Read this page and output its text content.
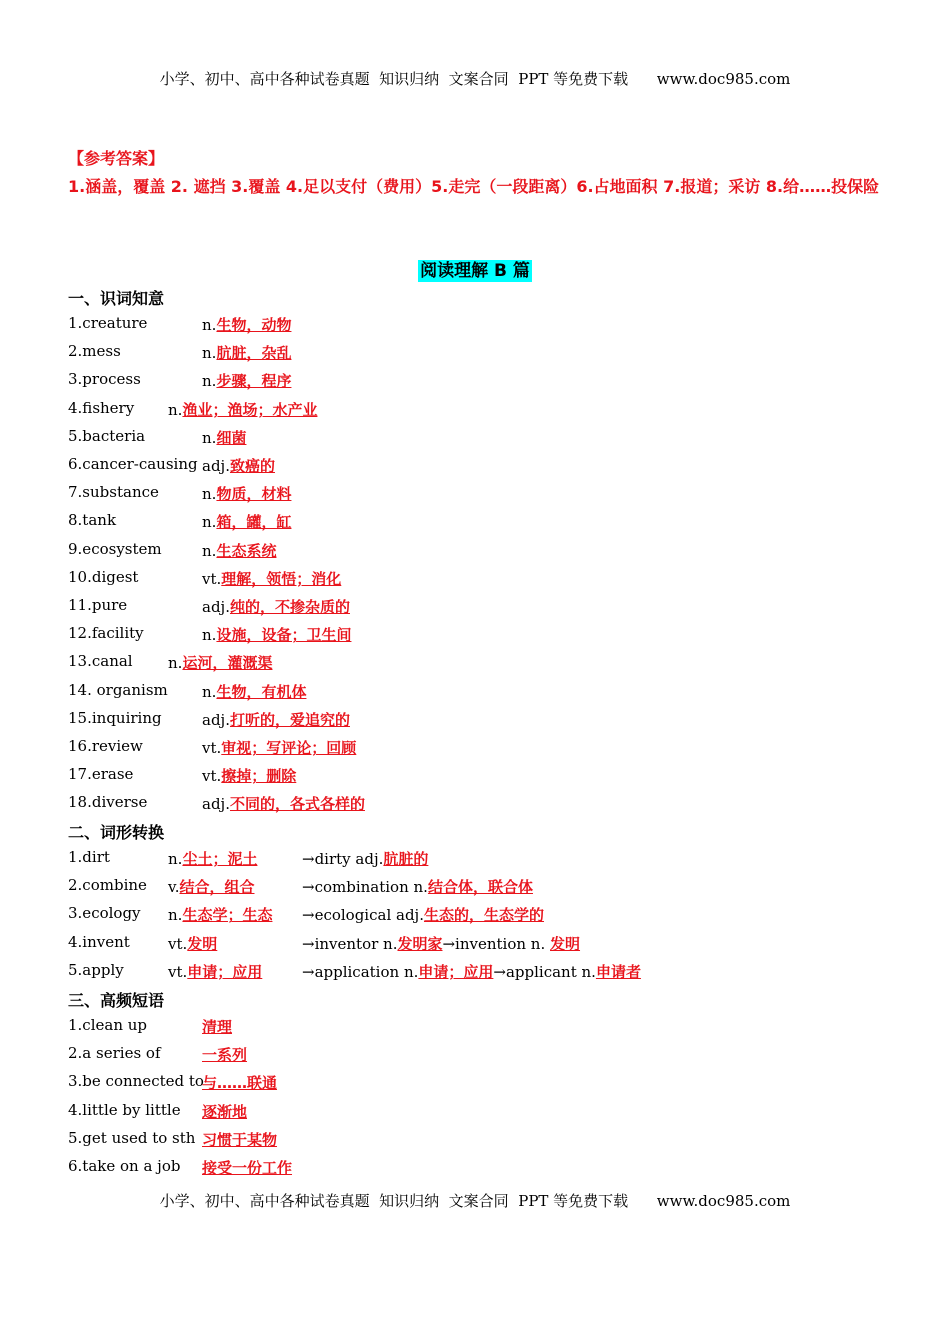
小学、初中、高中各种试卷真题  知识归纳  文案合同  PPT 等免费下载      www.doc985.com
【参考答案】
1.涵盖，覆盖 2. 遮挡 3.覆盖 4.足以支付（费用）5.走完（一段距离）6.占地面积 7.报道；采访 8.给……投保险
阅读理解 B 篇
一、识词知意
1.creature	n.生物，动物
2.mess	n.肮脏，杂乱
3.process	n.步骤，程序
4.fishery n.渔业；渔场；水产业
5.bacteria	n.细菌
6.cancer-causing adj.致癌的
7.substance	n.物质，材料
8.tank	n.箱，罐，缸
9.ecosystem	n.生态系统
10.digest	vt.理解，领悟；消化
11.pure	adj.纯的，不掺杂质的
12.facility	n.设施，设备；卫生间
13.canal n.运河，灌溉渠
14. organism n.生物，有机体
15.inquiring	adj.打听的，爱追究的
16.review	vt.审视；写评论；回顾
17.erase	vt.擦掉；删除
18.diverse	adj.不同的，各式各样的
二、词形转换
1.dirt	n.尘土；泥土	→dirty adj.肮脏的
2.combine v.结合，组合	→combination n.结合体，联合体
3.ecology n.生态学；生态 →ecological adj.生态的，生态学的
4.invent	vt.发明	→inventor n.发明家→invention n. 发明
5.apply	vt.申请；应用	→application n.申请；应用→applicant n.申请者
三、高频短语
1.clean up	清理
2.a series of	一系列
3.be connected to
与……联通
4.little by little 逐渐地
5.get used to sth 习惯于某物
6.take on a job 接受一份工作
小学、初中、高中各种试卷真题  知识归纳  文案合同  PPT 等免费下载      www.doc985.com
